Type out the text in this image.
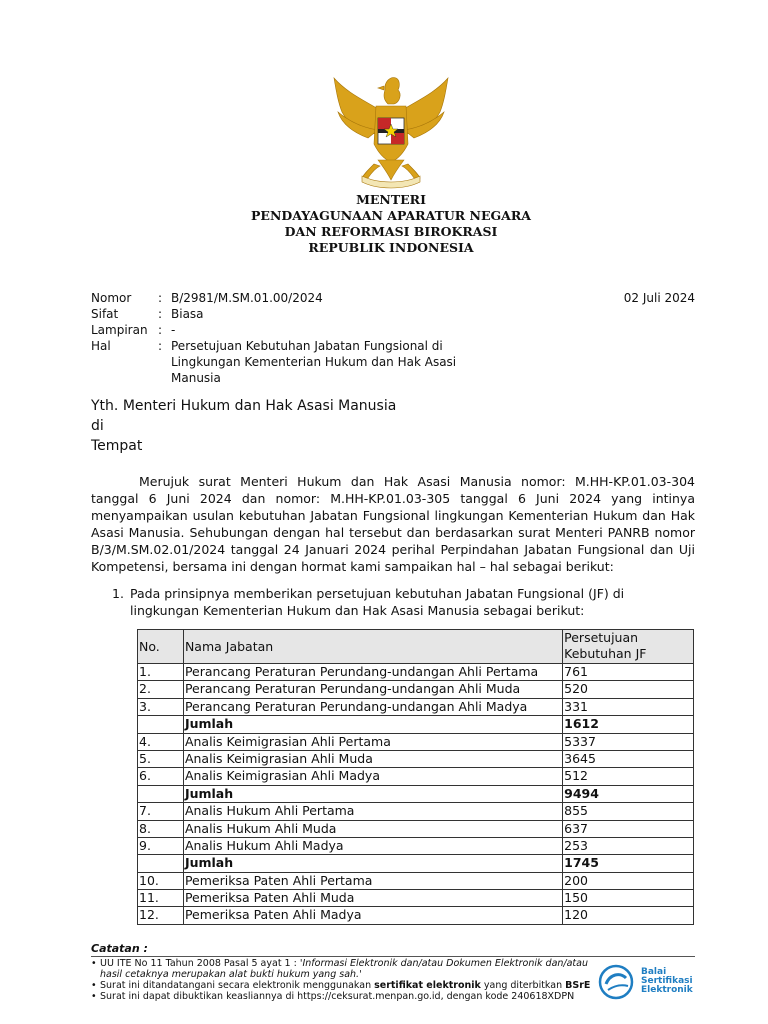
MENTERI
PENDAYAGUNAAN APARATUR NEGARA
DAN REFORMASI BIROKRASI
REPUBLIK INDONESIA
02 Juli 2024
Nomor	: B/2981/M.SM.01.00/2024
Sifat	: Biasa
Lampiran : -
Hal	: Persetujuan Kebutuhan Jabatan Fungsional di Lingkungan Kementerian Hukum dan Hak Asasi Manusia
Yth. Menteri Hukum dan Hak Asasi Manusia
di
Tempat
Merujuk surat Menteri Hukum dan Hak Asasi Manusia nomor: M.HH-KP.01.03-304 tanggal 6 Juni 2024 dan nomor: M.HH-KP.01.03-305 tanggal 6 Juni 2024 yang intinya menyampaikan usulan kebutuhan Jabatan Fungsional lingkungan Kementerian Hukum dan Hak Asasi Manusia. Sehubungan dengan hal tersebut dan berdasarkan surat Menteri PANRB nomor B/3/M.SM.02.01/2024 tanggal 24 Januari 2024 perihal Perpindahan Jabatan Fungsional dan Uji Kompetensi, bersama ini dengan hormat kami sampaikan hal – hal sebagai berikut:
1. Pada prinsipnya memberikan persetujuan kebutuhan Jabatan Fungsional (JF) di lingkungan Kementerian Hukum dan Hak Asasi Manusia sebagai berikut:
No.	Nama Jabatan	Persetujuan Kebutuhan JF
1.	Perancang Peraturan Perundang-undangan Ahli Pertama	761
2.	Perancang Peraturan Perundang-undangan Ahli Muda	520
3.	Perancang Peraturan Perundang-undangan Ahli Madya	331
	Jumlah	1612
4.	Analis Keimigrasian Ahli Pertama	5337
5.	Analis Keimigrasian Ahli Muda	3645
6.	Analis Keimigrasian Ahli Madya	512
	Jumlah	9494
7.	Analis Hukum Ahli Pertama	855
8.	Analis Hukum Ahli Muda	637
9.	Analis Hukum Ahli Madya	253
	Jumlah	1745
10.	Pemeriksa Paten Ahli Pertama	200
11.	Pemeriksa Paten Ahli Muda	150
12.	Pemeriksa Paten Ahli Madya	120
Catatan :
• UU ITE No 11 Tahun 2008 Pasal 5 ayat 1 : 'Informasi Elektronik dan/atau Dokumen Elektronik dan/atau hasil cetaknya merupakan alat bukti hukum yang sah.'
• Surat ini ditandatangani secara elektronik menggunakan sertifikat elektronik yang diterbitkan BSrE
• Surat ini dapat dibuktikan keasliannya di https://ceksurat.menpan.go.id, dengan kode 240618XDPN
Balai
Sertifikasi
Elektronik
